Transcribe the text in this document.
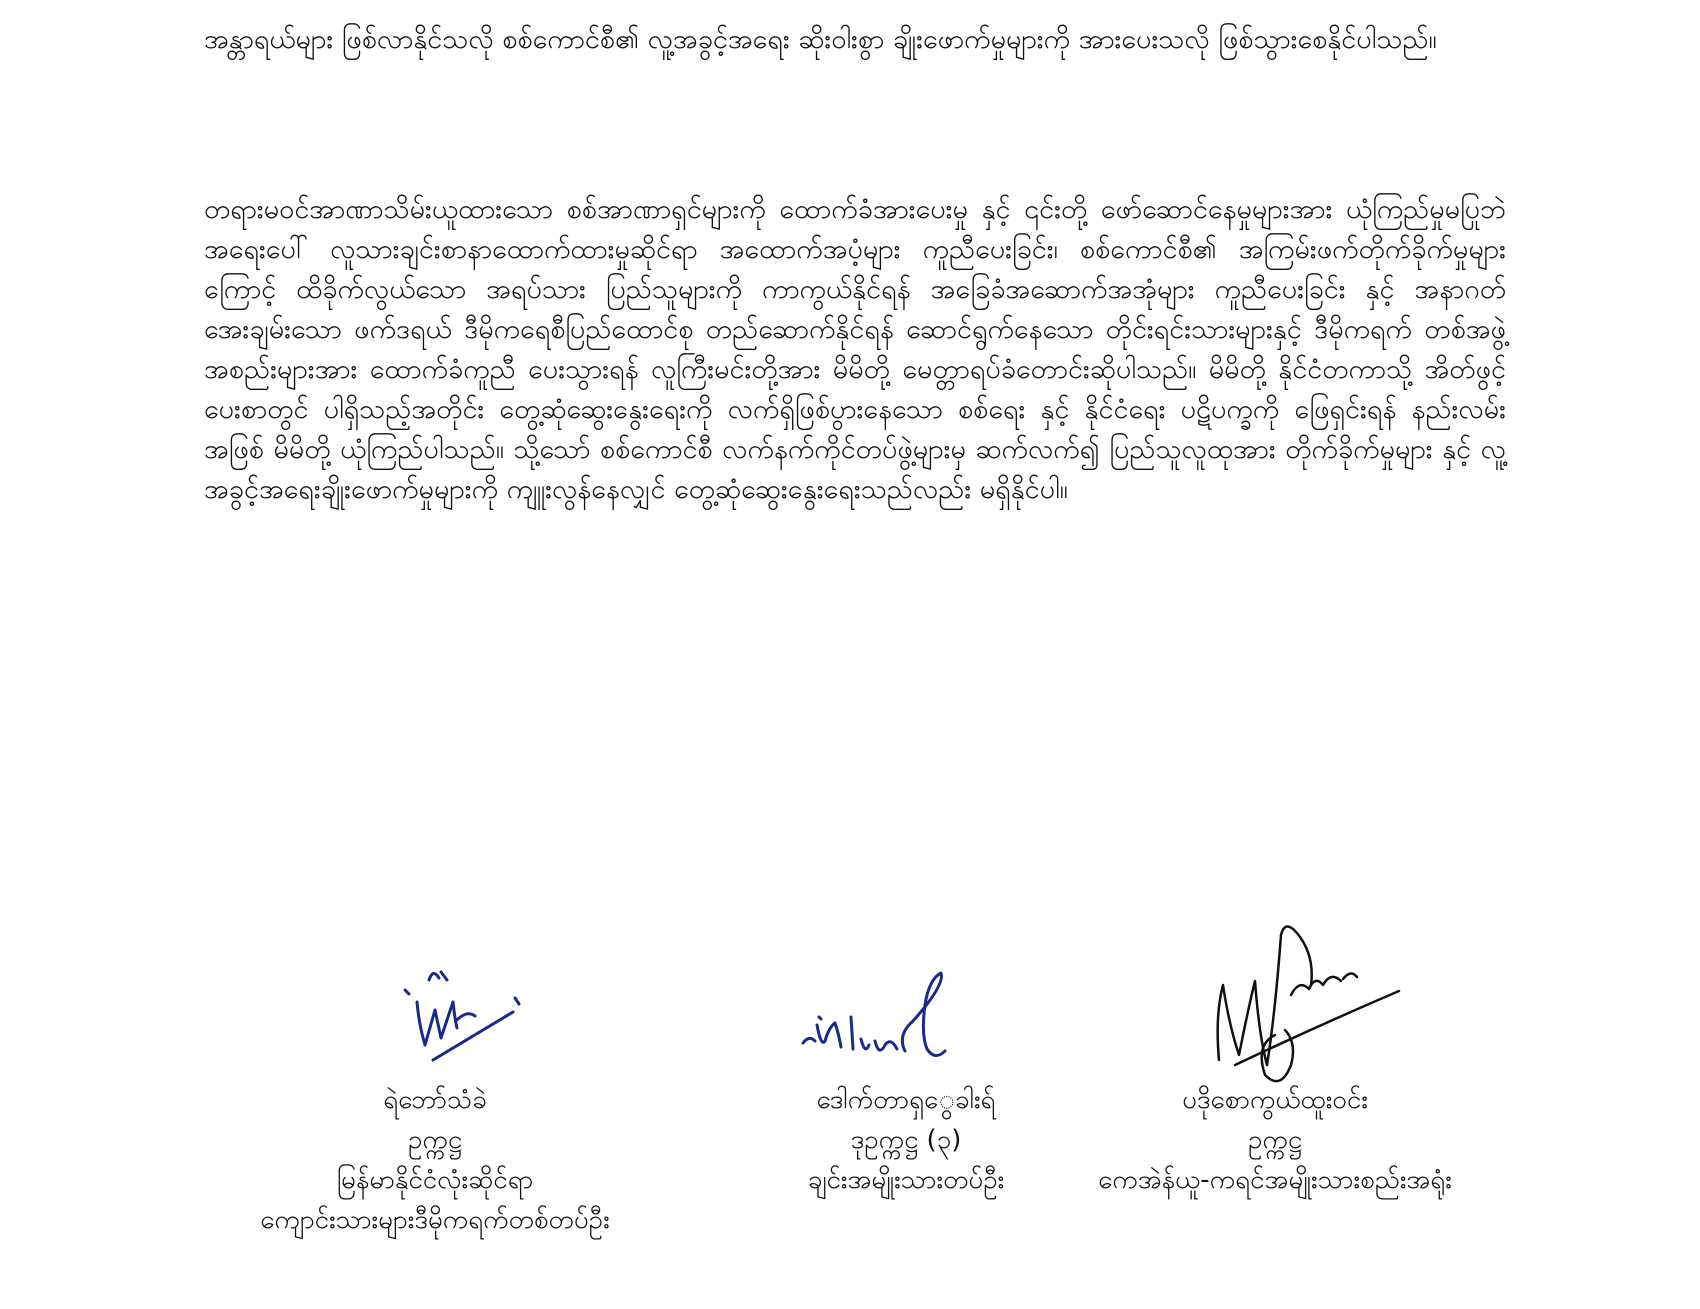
အန္တာရယ်များ ဖြစ်လာနိုင်သလို စစ်ကောင်စီ၏ လူ့အခွင့်အရေး ဆိုးဝါးစွာ ချိုးဖောက်မှုများကို အားပေးသလို ဖြစ်သွားစေနိုင်ပါသည်။

တရားမဝင်အာဏာသိမ်းယူထားသော စစ်အာဏာရှင်များကို ထောက်ခံအားပေးမှု နှင့် ၎င်းတို့ ဖော်ဆောင်နေမှုများအား ယုံကြည်မှုမပြုဘဲ အရေးပေါ် လူသားချင်းစာနာထောက်ထားမှုဆိုင်ရာ အထောက်အပံ့များ ကူညီပေးခြင်း၊ စစ်ကောင်စီ၏ အကြမ်းဖက်တိုက်ခိုက်မှုများကြောင့် ထိခိုက်လွယ်သော အရပ်သား ပြည်သူများကို ကာကွယ်နိုင်ရန် အခြေခံအဆောက်အအုံများ ကူညီပေးခြင်း နှင့် အနာဂတ် အေးချမ်းသော ဖက်ဒရယ် ဒီမိုကရေစီပြည်ထောင်စု တည်ဆောက်နိုင်ရန် ဆောင်ရွက်နေသော တိုင်းရင်းသားများနှင့် ဒီမိုကရက် တစ်အဖွဲ့အစည်းများအား ထောက်ခံကူညီ ပေးသွားရန် လူကြီးမင်းတို့အား မိမိတို့ မေတ္တာရပ်ခံတောင်းဆိုပါသည်။ မိမိတို့ နိုင်ငံတကာသို့ အိတ်ဖွင့်ပေးစာတွင် ပါရှိသည့်အတိုင်း တွေ့ဆုံဆွေးနွေးရေးကို လက်ရှိဖြစ်ပွားနေသော စစ်ရေး နှင့် နိုင်ငံရေး ပဋိပက္ခကို ဖြေရှင်းရန် နည်းလမ်းအဖြစ် မိမိတို့ ယုံကြည်ပါသည်။ သို့သော် စစ်ကောင်စီ လက်နက်ကိုင်တပ်ဖွဲ့များမှ ဆက်လက်၍ ပြည်သူလူထုအား တိုက်ခိုက်မှုများ နှင့် လူ့အခွင့်အရေးချိုးဖောက်မှုများကို ကျူးလွန်နေလျှင် တွေ့ဆုံဆွေးနွေးရေးသည်လည်း မရှိနိုင်ပါ။

ရဲဘော်သံခဲ
ဥက္ကဋ္ဌ
မြန်မာနိုင်ငံလုံးဆိုင်ရာ
ကျောင်းသားများဒီမိုကရက်တစ်တပ်ဦး
ဒေါက်တာရှွေခါးရ်
ဒုဥက္ကဋ္ဌ (၃)
ချင်းအမျိုးသားတပ်ဦး
ပဒိုစောကွယ်ထူးဝင်း
ဥက္ကဋ္ဌ
ကေအဲန်ယူ-ကရင်အမျိုးသားစည်းအရုံး
